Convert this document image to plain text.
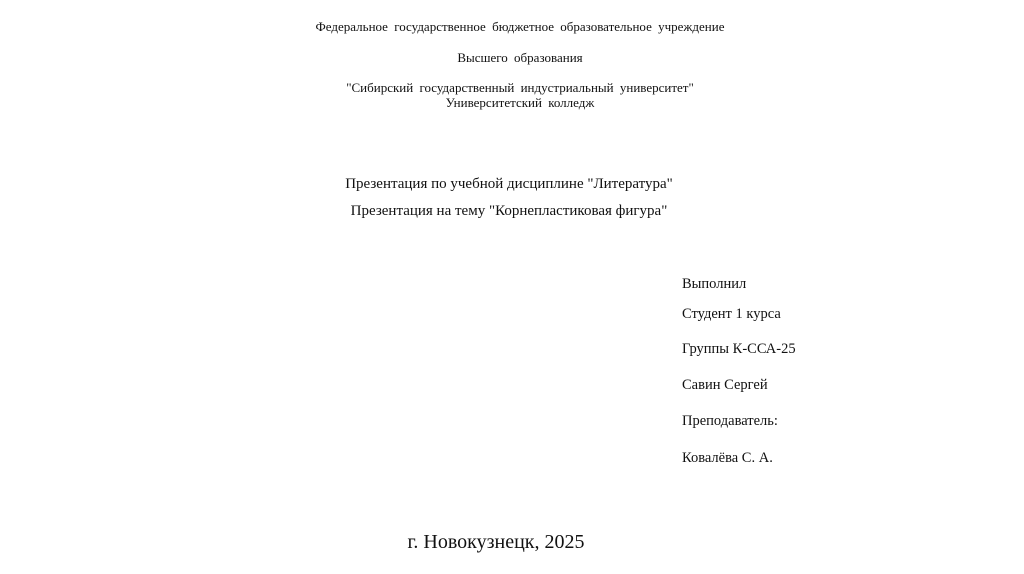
Федеральное государственное бюджетное образовательное учреждение
Высшего образования
"Сибирский государственный индустриальный университет"
Университетский колледж
Презентация по учебной дисциплине "Литература"
Презентация на тему "Корнепластиковая фигура"
Выполнил
Студент 1 курса
Группы К-ССА-25
Савин Сергей
Преподаватель:
Ковалёва С. А.
г. Новокузнецк, 2025
